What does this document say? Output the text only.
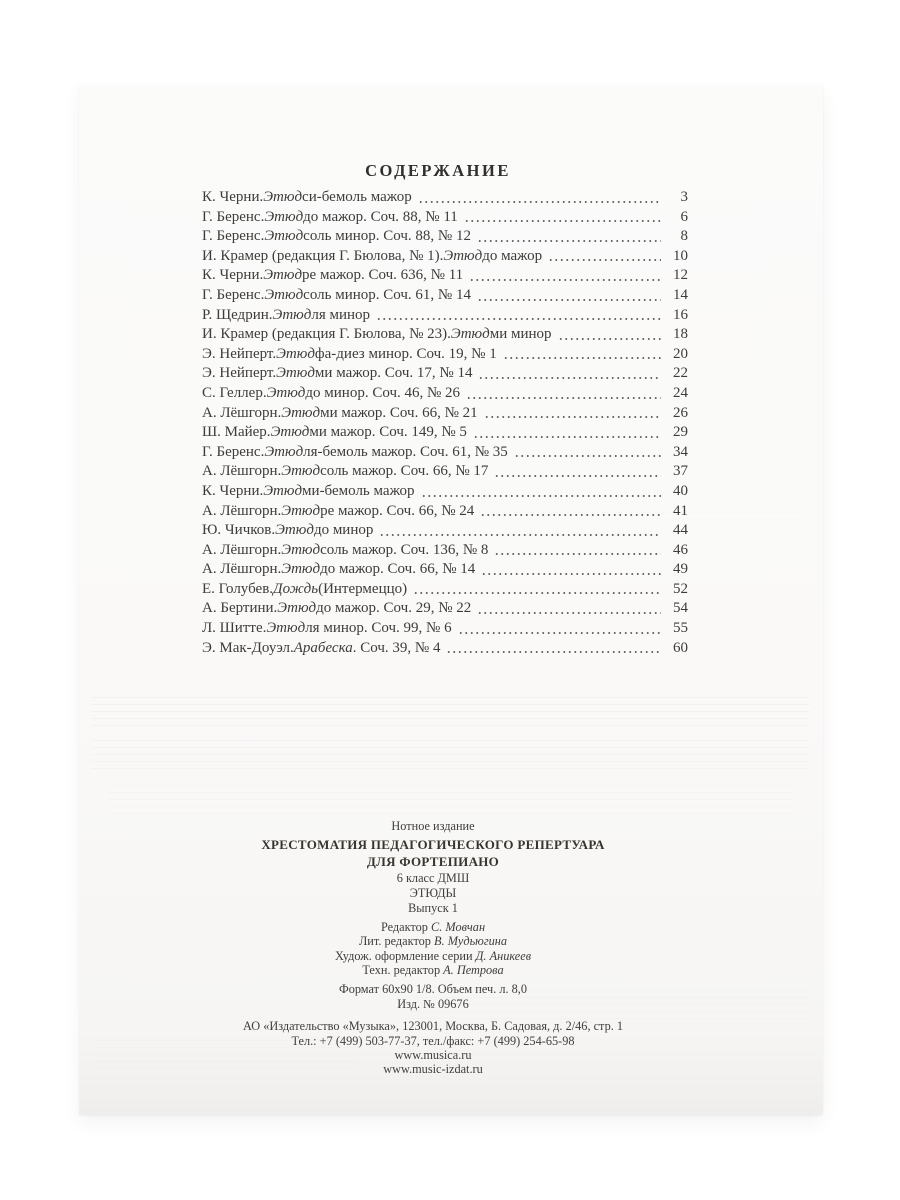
СОДЕРЖАНИЕ
К. Черни. Этюд си-бемоль мажор	3
Г. Беренс. Этюд до мажор. Соч. 88, № 11	6
Г. Беренс. Этюд соль минор. Соч. 88, № 12	8
И. Крамер (редакция Г. Бюлова, № 1). Этюд до мажор	10
К. Черни. Этюд ре мажор. Соч. 636, № 11	12
Г. Беренс. Этюд соль минор. Соч. 61, № 14	14
Р. Щедрин. Этюд ля минор	16
И. Крамер (редакция Г. Бюлова, № 23). Этюд ми минор	18
Э. Нейперт. Этюд фа-диез минор. Соч. 19, № 1	20
Э. Нейперт. Этюд ми мажор. Соч. 17, № 14	22
С. Геллер. Этюд до минор. Соч. 46, № 26	24
А. Лёшгорн. Этюд ми мажор. Соч. 66, № 21	26
Ш. Майер. Этюд ми мажор. Соч. 149, № 5	29
Г. Беренс. Этюд ля-бемоль мажор. Соч. 61, № 35	34
А. Лёшгорн. Этюд соль мажор. Соч. 66, № 17	37
К. Черни. Этюд ми-бемоль мажор	40
А. Лёшгорн. Этюд ре мажор. Соч. 66, № 24	41
Ю. Чичков. Этюд до минор	44
А. Лёшгорн. Этюд соль мажор. Соч. 136, № 8	46
А. Лёшгорн. Этюд до мажор. Соч. 66, № 14	49
Е. Голубев. Дождь (Интермеццо)	52
А. Бертини. Этюд до мажор. Соч. 29, № 22	54
Л. Шитте. Этюд ля минор. Соч. 99, № 6	55
Э. Мак-Доуэл. Арабеска . Соч. 39, № 4	60
Нотное издание
ХРЕСТОМАТИЯ ПЕДАГОГИЧЕСКОГО РЕПЕРТУАРА
ДЛЯ ФОРТЕПИАНО
6 класс ДМШ
ЭТЮДЫ
Выпуск 1
Редактор С. Мовчан
Лит. редактор В. Мудьюгина
Худож. оформление серии Д. Аникеев
Техн. редактор А. Петрова
Формат 60х90 1/8. Объем печ. л. 8,0
Изд. № 09676
АО «Издательство «Музыка», 123001, Москва, Б. Садовая, д. 2/46, стр. 1
Тел.: +7 (499) 503-77-37, тел./факс: +7 (499) 254-65-98
www.musica.ru
www.music-izdat.ru
